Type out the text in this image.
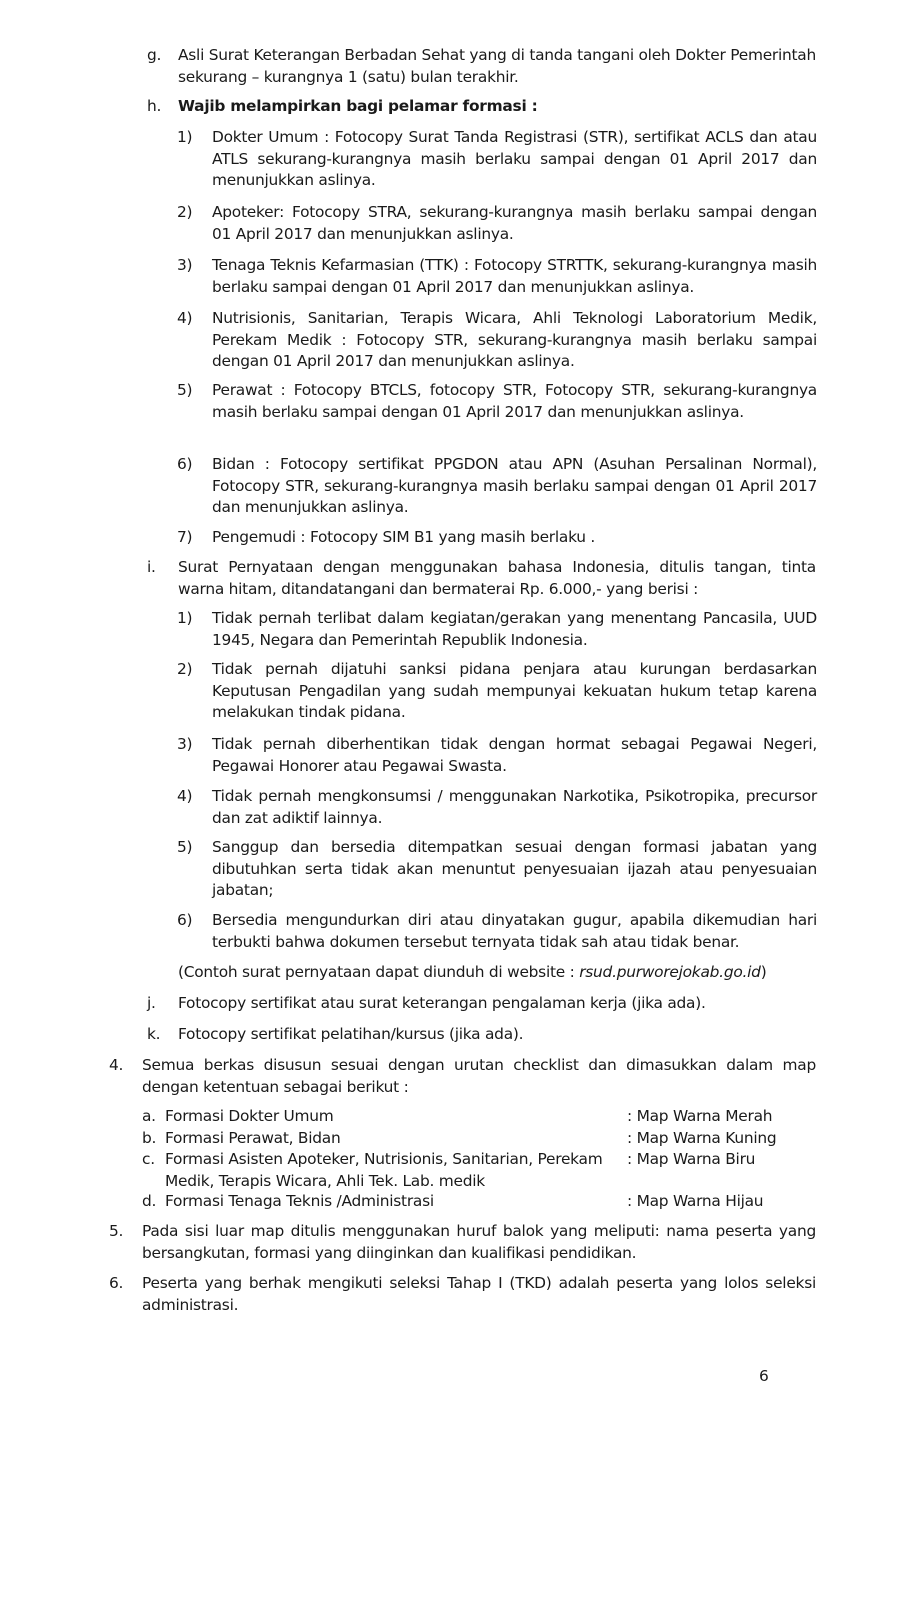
g. Asli Surat Keterangan Berbadan Sehat yang di tanda tangani oleh Dokter Pemerintah sekurang – kurangnya 1 (satu) bulan terakhir.
h. Wajib melampirkan bagi pelamar formasi :
1) Dokter Umum : Fotocopy Surat Tanda Registrasi (STR), sertifikat ACLS dan atau ATLS sekurang-kurangnya masih berlaku sampai dengan 01 April 2017 dan menunjukkan aslinya.
2) Apoteker: Fotocopy STRA, sekurang-kurangnya masih berlaku sampai dengan 01 April 2017 dan menunjukkan aslinya.
3) Tenaga Teknis Kefarmasian (TTK) : Fotocopy STRTTK, sekurang-kurangnya masih berlaku sampai dengan 01 April 2017 dan menunjukkan aslinya.
4) Nutrisionis, Sanitarian, Terapis Wicara, Ahli Teknologi Laboratorium Medik, Perekam Medik : Fotocopy STR, sekurang-kurangnya masih berlaku sampai dengan 01 April 2017 dan menunjukkan aslinya.
5) Perawat : Fotocopy BTCLS, fotocopy STR, Fotocopy STR, sekurang-kurangnya masih berlaku sampai dengan 01 April 2017 dan menunjukkan aslinya.
6) Bidan : Fotocopy sertifikat PPGDON atau APN (Asuhan Persalinan Normal), Fotocopy STR, sekurang-kurangnya masih berlaku sampai dengan 01 April 2017 dan menunjukkan aslinya.
7) Pengemudi : Fotocopy SIM B1 yang masih berlaku .
i. Surat Pernyataan dengan menggunakan bahasa Indonesia, ditulis tangan, tinta warna hitam, ditandatangani dan bermaterai Rp. 6.000,- yang berisi :
1) Tidak pernah terlibat dalam kegiatan/gerakan yang menentang Pancasila, UUD 1945, Negara dan Pemerintah Republik Indonesia.
2) Tidak pernah dijatuhi sanksi pidana penjara atau kurungan berdasarkan Keputusan Pengadilan yang sudah mempunyai kekuatan hukum tetap karena melakukan tindak pidana.
3) Tidak pernah diberhentikan tidak dengan hormat sebagai Pegawai Negeri, Pegawai Honorer atau Pegawai Swasta.
4) Tidak pernah mengkonsumsi / menggunakan Narkotika, Psikotropika, precursor dan zat adiktif lainnya.
5) Sanggup dan bersedia ditempatkan sesuai dengan formasi jabatan yang dibutuhkan serta tidak akan menuntut penyesuaian ijazah atau penyesuaian jabatan;
6) Bersedia mengundurkan diri atau dinyatakan gugur, apabila dikemudian hari terbukti bahwa dokumen tersebut ternyata tidak sah atau tidak benar.
(Contoh surat pernyataan dapat diunduh di website : rsud.purworejokab.go.id)
j. Fotocopy sertifikat atau surat keterangan pengalaman kerja (jika ada).
k. Fotocopy sertifikat pelatihan/kursus (jika ada).
4. Semua berkas disusun sesuai dengan urutan checklist dan dimasukkan dalam map dengan ketentuan sebagai berikut :
a. Formasi Dokter Umum	: Map Warna Merah
b. Formasi Perawat, Bidan	: Map Warna Kuning
c. Formasi Asisten Apoteker, Nutrisionis, Sanitarian, Perekam Medik, Terapis Wicara, Ahli Tek. Lab. medik
: Map Warna Biru
d. Formasi Tenaga Teknis /Administrasi	: Map Warna Hijau
5. Pada sisi luar map ditulis menggunakan huruf balok yang meliputi: nama peserta yang bersangkutan, formasi yang diinginkan dan kualifikasi pendidikan.
6. Peserta yang berhak mengikuti seleksi Tahap I (TKD) adalah peserta yang lolos seleksi administrasi.
6
